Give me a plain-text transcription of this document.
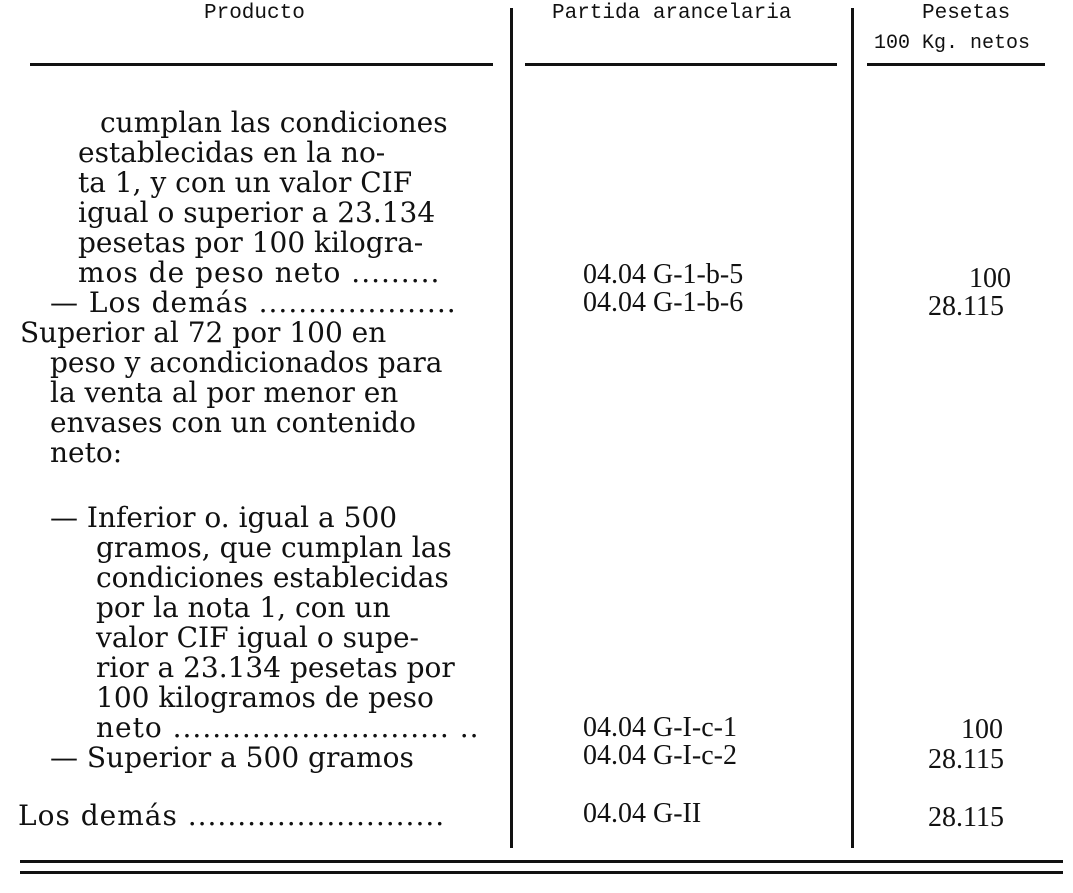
Producto	Partida arancelaria	Pesetas
100 Kg. netos
cumplan las condiciones
establecidas en la no-
ta 1, y con un valor CIF
igual o superior a 23.134
pesetas por 100 kilogra-
mos de peso neto .........	04.04 G-1-b-5	100
— Los demás ....................	04.04 G-1-b-6	28.115
Superior al 72 por 100 en
peso y acondicionados para
la venta al por menor en
envases con un contenido
neto:
— Inferior o. igual a 500
gramos, que cumplan las
condiciones establecidas
por la nota 1, con un
valor CIF igual o supe-
rior a 23.134 pesetas por
100 kilogramos de peso
neto ............................ ..	04.04 G-I-c-1	100
— Superior a 500 gramos	04.04 G-I-c-2	28.115
Los demás ..........................	04.04 G-II	28.115
